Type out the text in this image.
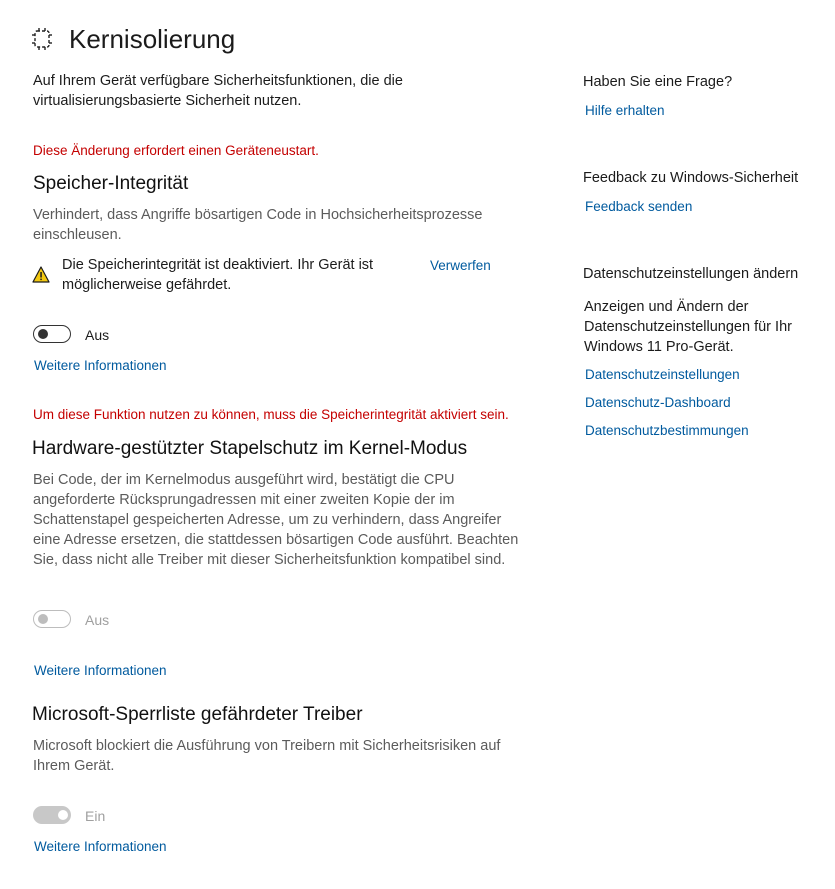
Kernisolierung
Auf Ihrem Gerät verfügbare Sicherheitsfunktionen, die die virtualisierungsbasierte Sicherheit nutzen.
Diese Änderung erfordert einen Geräteneustart.
Speicher-Integrität
Verhindert, dass Angriffe bösartigen Code in Hochsicherheitsprozesse einschleusen.
Die Speicherintegrität ist deaktiviert. Ihr Gerät ist möglicherweise gefährdet.
Verwerfen
Aus
Weitere Informationen
Um diese Funktion nutzen zu können, muss die Speicherintegrität aktiviert sein.
Hardware-gestützter Stapelschutz im Kernel-Modus
Bei Code, der im Kernelmodus ausgeführt wird, bestätigt die CPU angeforderte Rücksprungadressen mit einer zweiten Kopie der im Schattenstapel gespeicherten Adresse, um zu verhindern, dass Angreifer eine Adresse ersetzen, die stattdessen bösartigen Code ausführt. Beachten Sie, dass nicht alle Treiber mit dieser Sicherheitsfunktion kompatibel sind.
Aus
Weitere Informationen
Microsoft-Sperrliste gefährdeter Treiber
Microsoft blockiert die Ausführung von Treibern mit Sicherheitsrisiken auf Ihrem Gerät.
Ein
Weitere Informationen
Haben Sie eine Frage?
Hilfe erhalten
Feedback zu Windows-Sicherheit
Feedback senden
Datenschutzeinstellungen ändern
Anzeigen und Ändern der Datenschutzeinstellungen für Ihr Windows 11 Pro-Gerät.
Datenschutzeinstellungen
Datenschutz-Dashboard
Datenschutzbestimmungen
